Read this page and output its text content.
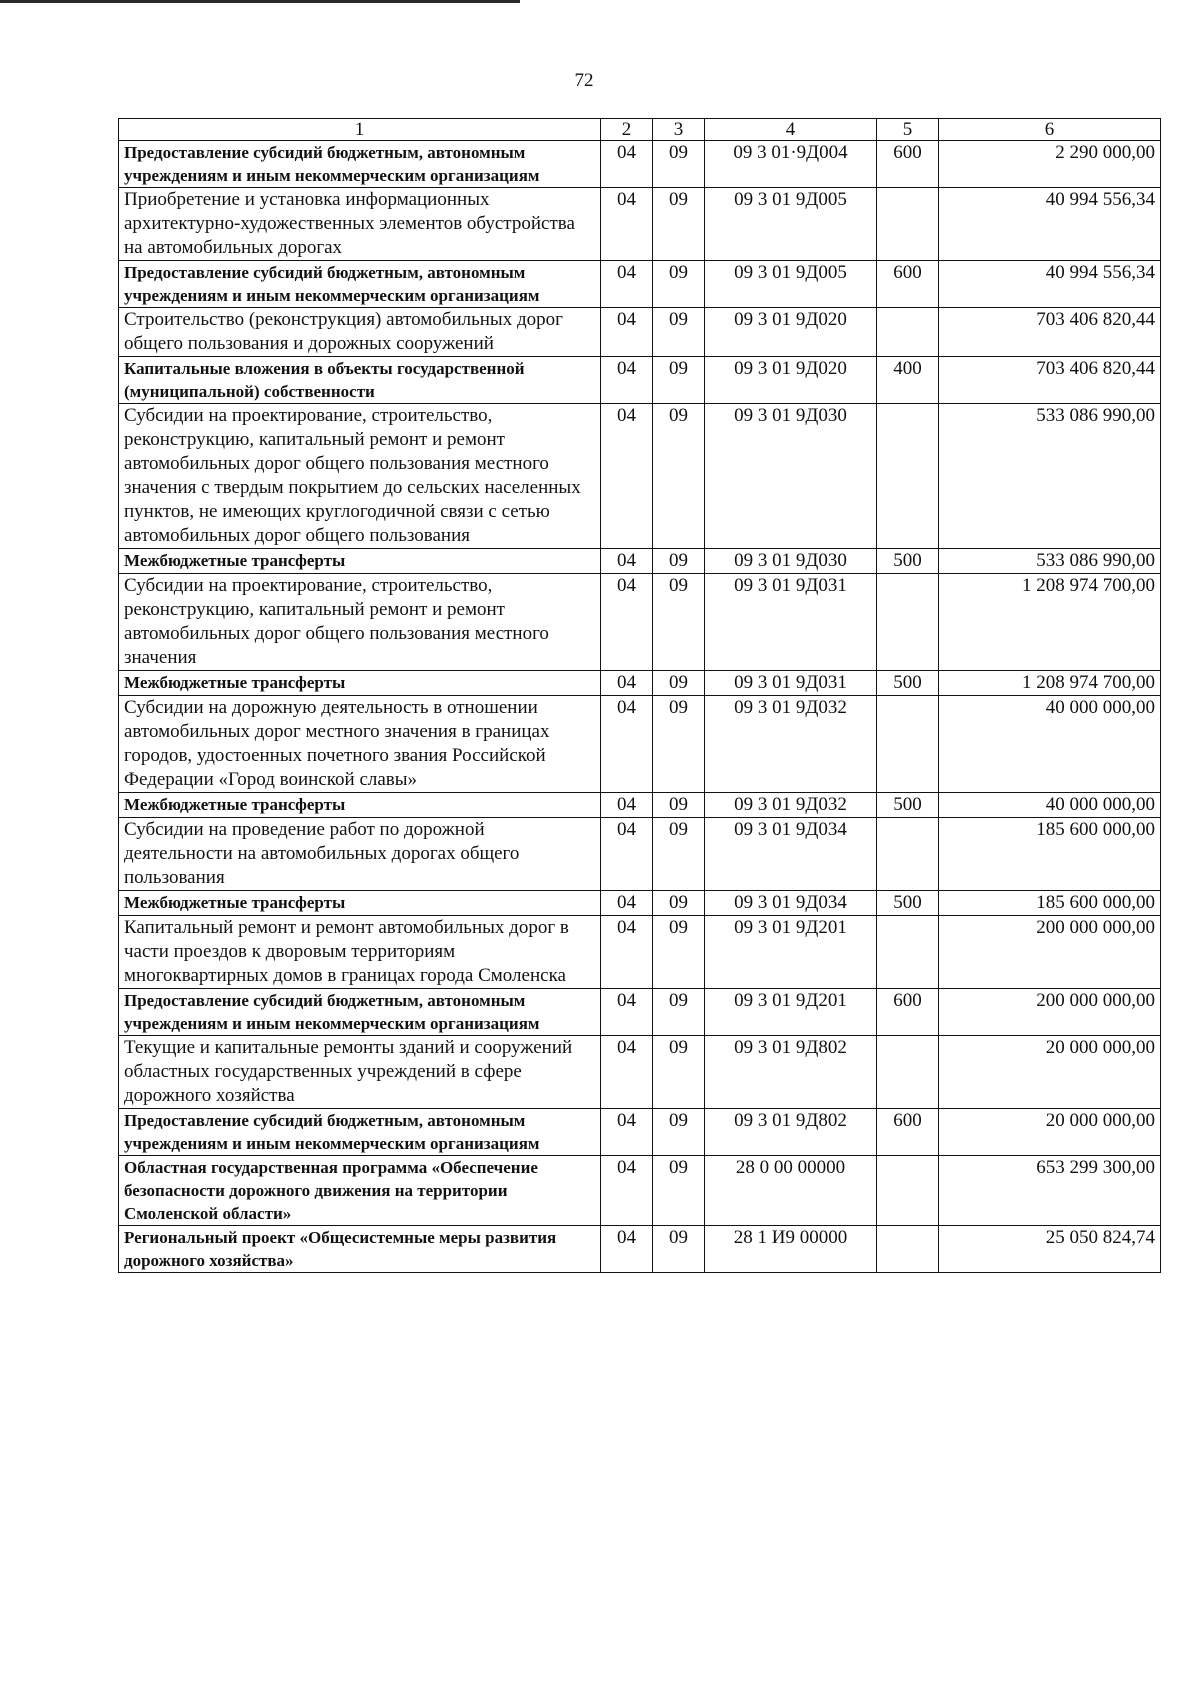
72
1	2	3	4	5	6
Предоставление субсидий бюджетным, автономным учреждениям и иным некоммерческим организациям	04	09	09 3 01·9Д004	600	2 290 000,00
Приобретение и установка информационных архитектурно-художественных элементов обустройства на автомобильных дорогах	04	09	09 3 01 9Д005		40 994 556,34
Предоставление субсидий бюджетным, автономным учреждениям и иным некоммерческим организациям	04	09	09 3 01 9Д005	600	40 994 556,34
Строительство (реконструкция) автомобильных дорог общего пользования и дорожных сооружений	04	09	09 3 01 9Д020		703 406 820,44
Капитальные вложения в объекты государственной (муниципальной) собственности	04	09	09 3 01 9Д020	400	703 406 820,44
Субсидии на проектирование, строительство, реконструкцию, капитальный ремонт и ремонт автомобильных дорог общего пользования местного значения с твердым покрытием до сельских населенных пунктов, не имеющих круглогодичной связи с сетью автомобильных дорог общего пользования	04	09	09 3 01 9Д030		533 086 990,00
Межбюджетные трансферты	04	09	09 3 01 9Д030	500	533 086 990,00
Субсидии на проектирование, строительство, реконструкцию, капитальный ремонт и ремонт автомобильных дорог общего пользования местного значения	04	09	09 3 01 9Д031		1 208 974 700,00
Межбюджетные трансферты	04	09	09 3 01 9Д031	500	1 208 974 700,00
Субсидии на дорожную деятельность в отношении автомобильных дорог местного значения в границах городов, удостоенных почетного звания Российской Федерации «Город воинской славы»	04	09	09 3 01 9Д032		40 000 000,00
Межбюджетные трансферты	04	09	09 3 01 9Д032	500	40 000 000,00
Субсидии на проведение работ по дорожной деятельности на автомобильных дорогах общего пользования	04	09	09 3 01 9Д034		185 600 000,00
Межбюджетные трансферты	04	09	09 3 01 9Д034	500	185 600 000,00
Капитальный ремонт и ремонт автомобильных дорог в части проездов к дворовым территориям многоквартирных домов в границах города Смоленска	04	09	09 3 01 9Д201		200 000 000,00
Предоставление субсидий бюджетным, автономным учреждениям и иным некоммерческим организациям	04	09	09 3 01 9Д201	600	200 000 000,00
Текущие и капитальные ремонты зданий и сооружений областных государственных учреждений в сфере дорожного хозяйства	04	09	09 3 01 9Д802		20 000 000,00
Предоставление субсидий бюджетным, автономным учреждениям и иным некоммерческим организациям	04	09	09 3 01 9Д802	600	20 000 000,00
Областная государственная программа «Обеспечение безопасности дорожного движения на территории Смоленской области»	04	09	28 0 00 00000		653 299 300,00
Региональный проект «Общесистемные меры развития дорожного хозяйства»	04	09	28 1 И9 00000		25 050 824,74
